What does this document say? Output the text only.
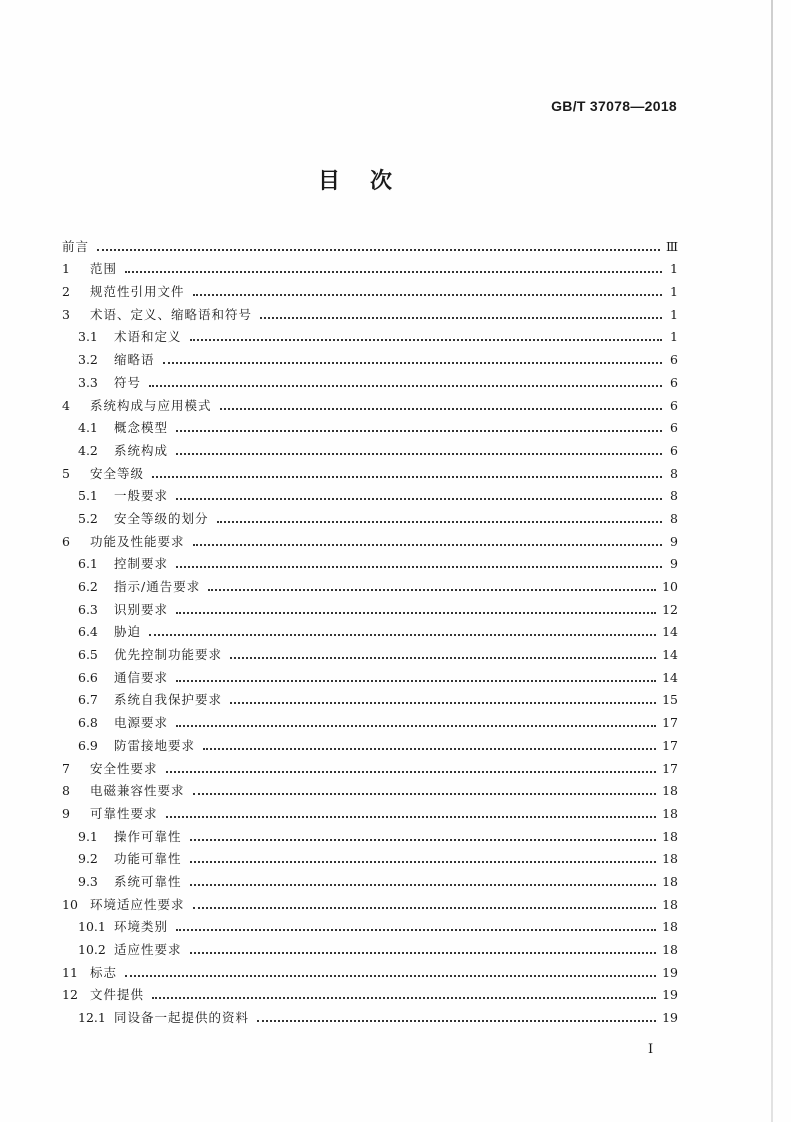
GB/T 37078—2018
目次
前言	Ⅲ
1	范围	1
2	规范性引用文件	1
3	术语、定义、缩略语和符号	1
3.1	术语和定义	1
3.2	缩略语	6
3.3	符号	6
4	系统构成与应用模式	6
4.1	概念模型	6
4.2	系统构成	6
5	安全等级	8
5.1	一般要求	8
5.2	安全等级的划分	8
6	功能及性能要求	9
6.1	控制要求	9
6.2	指示/通告要求	10
6.3	识别要求	12
6.4	胁迫	14
6.5	优先控制功能要求	14
6.6	通信要求	14
6.7	系统自我保护要求	15
6.8	电源要求	17
6.9	防雷接地要求	17
7	安全性要求	17
8	电磁兼容性要求	18
9	可靠性要求	18
9.1	操作可靠性	18
9.2	功能可靠性	18
9.3	系统可靠性	18
10 环境适应性要求	18
10.1 环境类别	18
10.2 适应性要求	18
11 标志	19
12 文件提供	19
12.1 同设备一起提供的资料	19
I
